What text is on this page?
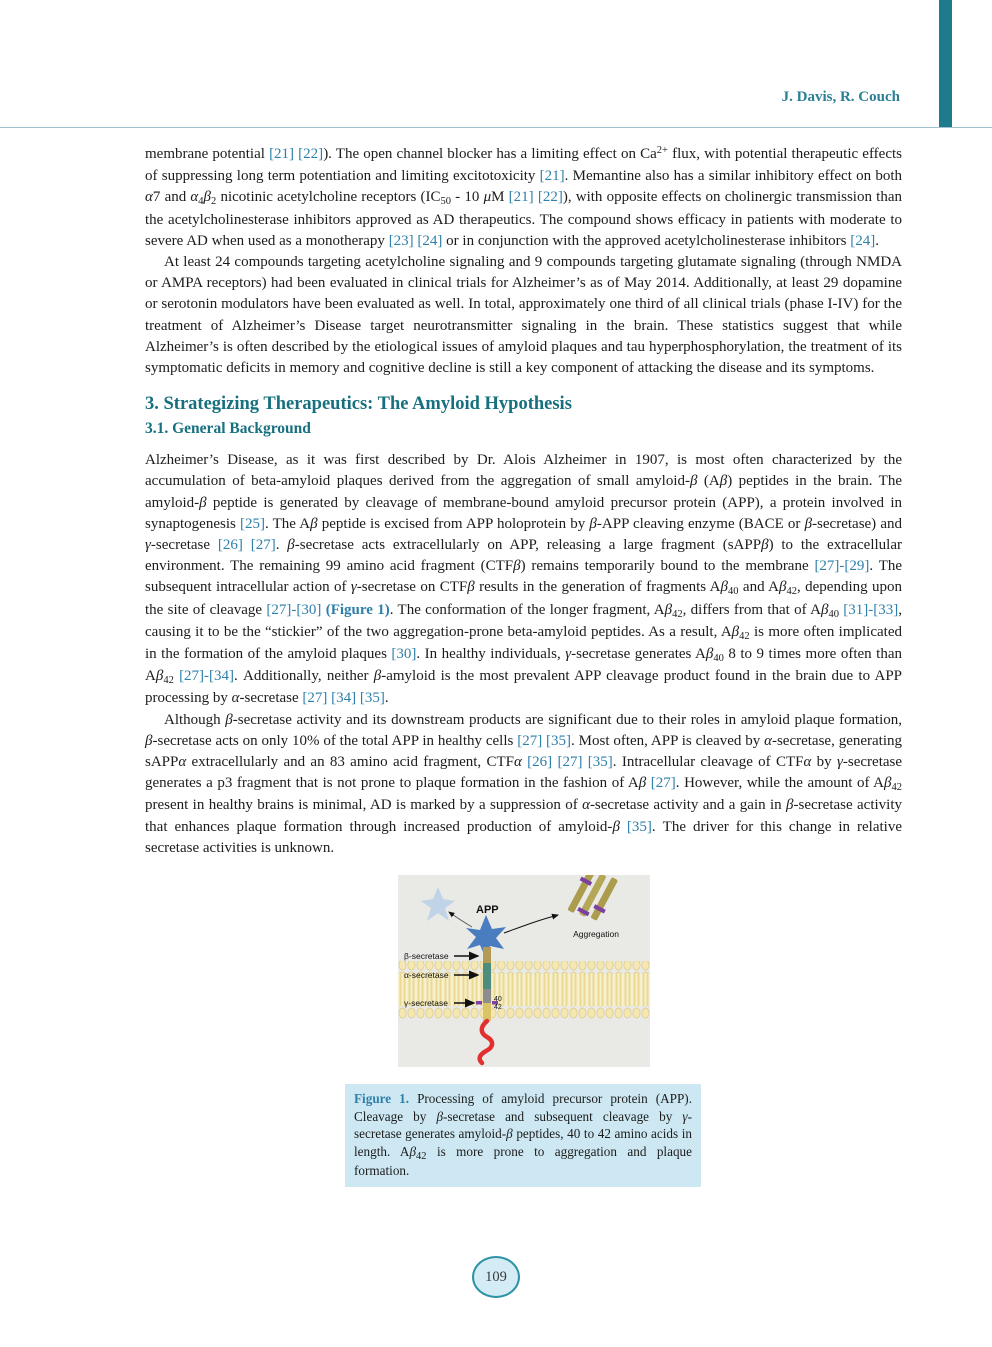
J. Davis, R. Couch

membrane potential [21] [22]). The open channel blocker has a limiting effect on $Ca^{2+}$ flux, with potential therapeutic effects of suppressing long term potentiation and limiting excitotoxicity [21]. Memantine also has a similar inhibitory effect on both α7 and $\alpha_4\beta_2$ nicotinic acetylcholine receptors ($IC_{50} - 10$ μM [21] [22]), with opposite effects on cholinergic transmission than the acetylcholinesterase inhibitors approved as AD therapeutics. The compound shows efficacy in patients with moderate to severe AD when used as a monotherapy [23] [24] or in conjunction with the approved acetylcholinesterase inhibitors [24].

At least 24 compounds targeting acetylcholine signaling and 9 compounds targeting glutamate signaling (through NMDA or AMPA receptors) had been evaluated in clinical trials for Alzheimer’s as of May 2014. Additionally, at least 29 dopamine or serotonin modulators have been evaluated as well. In total, approximately one third of all clinical trials (phase I-IV) for the treatment of Alzheimer’s Disease target neurotransmitter signaling in the brain. These statistics suggest that while Alzheimer’s is often described by the etiological issues of amyloid plaques and tau hyperphosphorylation, the treatment of its symptomatic deficits in memory and cognitive decline is still a key component of attacking the disease and its symptoms.

3. Strategizing Therapeutics: The Amyloid Hypothesis
3.1. General Background

Alzheimer’s Disease, as it was first described by Dr. Alois Alzheimer in 1907, is most often characterized by the accumulation of beta-amyloid plaques derived from the aggregation of small amyloid-β (Aβ) peptides in the brain. The amyloid-β peptide is generated by cleavage of membrane-bound amyloid precursor protein (APP), a protein involved in synaptogenesis [25]. The Aβ peptide is excised from APP holoprotein by β-APP cleaving enzyme (BACE or β-secretase) and γ-secretase [26] [27]. β-secretase acts extracellularly on APP, releasing a large fragment (sAPPβ) to the extracellular environment. The remaining 99 amino acid fragment (CTFβ) remains temporarily bound to the membrane [27]-[29]. The subsequent intracellular action of γ-secretase on CTFβ results in the generation of fragments $A\beta_{40}$ and $A\beta_{42}$, depending upon the site of cleavage [27]-[30] (Figure 1). The conformation of the longer fragment, $A\beta_{42}$, differs from that of $A\beta_{40}$ [31]-[33], causing it to be the “stickier” of the two aggregation-prone beta-amyloid peptides. As a result, $A\beta_{42}$ is more often implicated in the formation of the amyloid plaques [30]. In healthy individuals, γ-secretase generates $A\beta_{40}$ 8 to 9 times more often than $A\beta_{42}$ [27]-[34]. Additionally, neither β-amyloid is the most prevalent APP cleavage product found in the brain due to APP processing by α-secretase [27] [34] [35].

Although β-secretase activity and its downstream products are significant due to their roles in amyloid plaque formation, β-secretase acts on only 10% of the total APP in healthy cells [27] [35]. Most often, APP is cleaved by α-secretase, generating sAPPα extracellularly and an 83 amino acid fragment, CTFα [26] [27] [35]. Intracellular cleavage of CTFα by γ-secretase generates a p3 fragment that is not prone to plaque formation in the fashion of Aβ [27]. However, while the amount of $A\beta_{42}$ present in healthy brains is minimal, AD is marked by a suppression of α-secretase activity and a gain in β-secretase activity that enhances plaque formation through increased production of amyloid-β [35]. The driver for this change in relative secretase activities is unknown.

APP
Aggregation
β-secretase
α-secretase
γ-secretase	40
42
Figure 1. Processing of amyloid precursor protein (APP). Cleavage by β-secretase and subsequent cleavage by γ-secretase generates amyloid-β peptides, 40 to 42 amino acids in length. $A\beta_{42}$ is more prone to aggregation and plaque formation.
109
